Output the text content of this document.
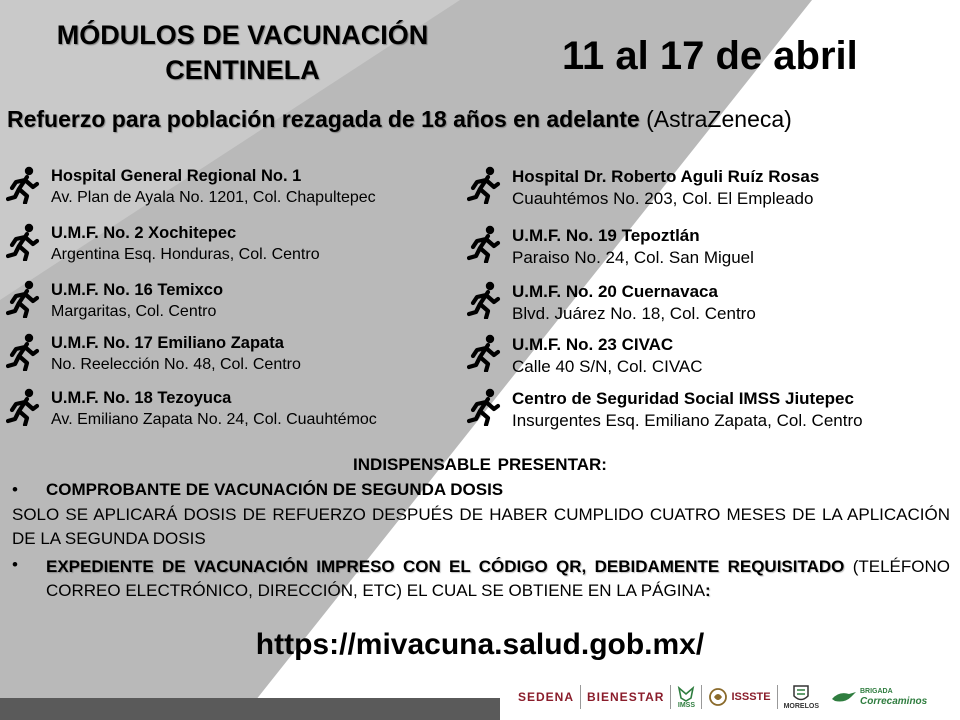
MÓDULOS DE VACUNACIÓN
CENTINELA	11 al 17 de abril
Refuerzo para población rezagada de 18 años en adelante (AstraZeneca)
Hospital General Regional No. 1
Av. Plan de Ayala No. 1201, Col. Chapultepec
U.M.F. No. 2 Xochitepec
Argentina Esq. Honduras, Col. Centro
U.M.F. No. 16 Temixco
Margaritas, Col. Centro
U.M.F. No. 17 Emiliano Zapata
No. Reelección No. 48, Col. Centro
U.M.F. No. 18 Tezoyuca
Av. Emiliano Zapata No. 24, Col. Cuauhtémoc
Hospital Dr. Roberto Aguli Ruíz Rosas
Cuauhtémos No. 203, Col. El Empleado
U.M.F. No. 19 Tepoztlán
Paraiso No. 24, Col. San Miguel
U.M.F. No. 20 Cuernavaca
Blvd. Juárez No. 18, Col. Centro
U.M.F. No. 23 CIVAC
Calle 40 S/N, Col. CIVAC
Centro de Seguridad Social IMSS Jiutepec
Insurgentes Esq. Emiliano Zapata, Col. Centro
INDISPENSABLE PRESENTAR:
• COMPROBANTE DE VACUNACIÓN DE SEGUNDA DOSIS
SOLO SE APLICARÁ DOSIS DE REFUERZO DESPUÉS DE HABER CUMPLIDO CUATRO MESES DE LA APLICACIÓN DE LA SEGUNDA DOSIS
• EXPEDIENTE DE VACUNACIÓN IMPRESO CON EL CÓDIGO QR, DEBIDAMENTE REQUISITADO (TELÉFONO CORREO ELECTRÓNICO, DIRECCIÓN, ETC) EL CUAL SE OBTIENE EN LA PÁGINA:
https://mivacuna.salud.gob.mx/
SEDENA BIENESTAR
IMSS
ISSSTE
MORELOS
BRIGADA
Correcaminos
